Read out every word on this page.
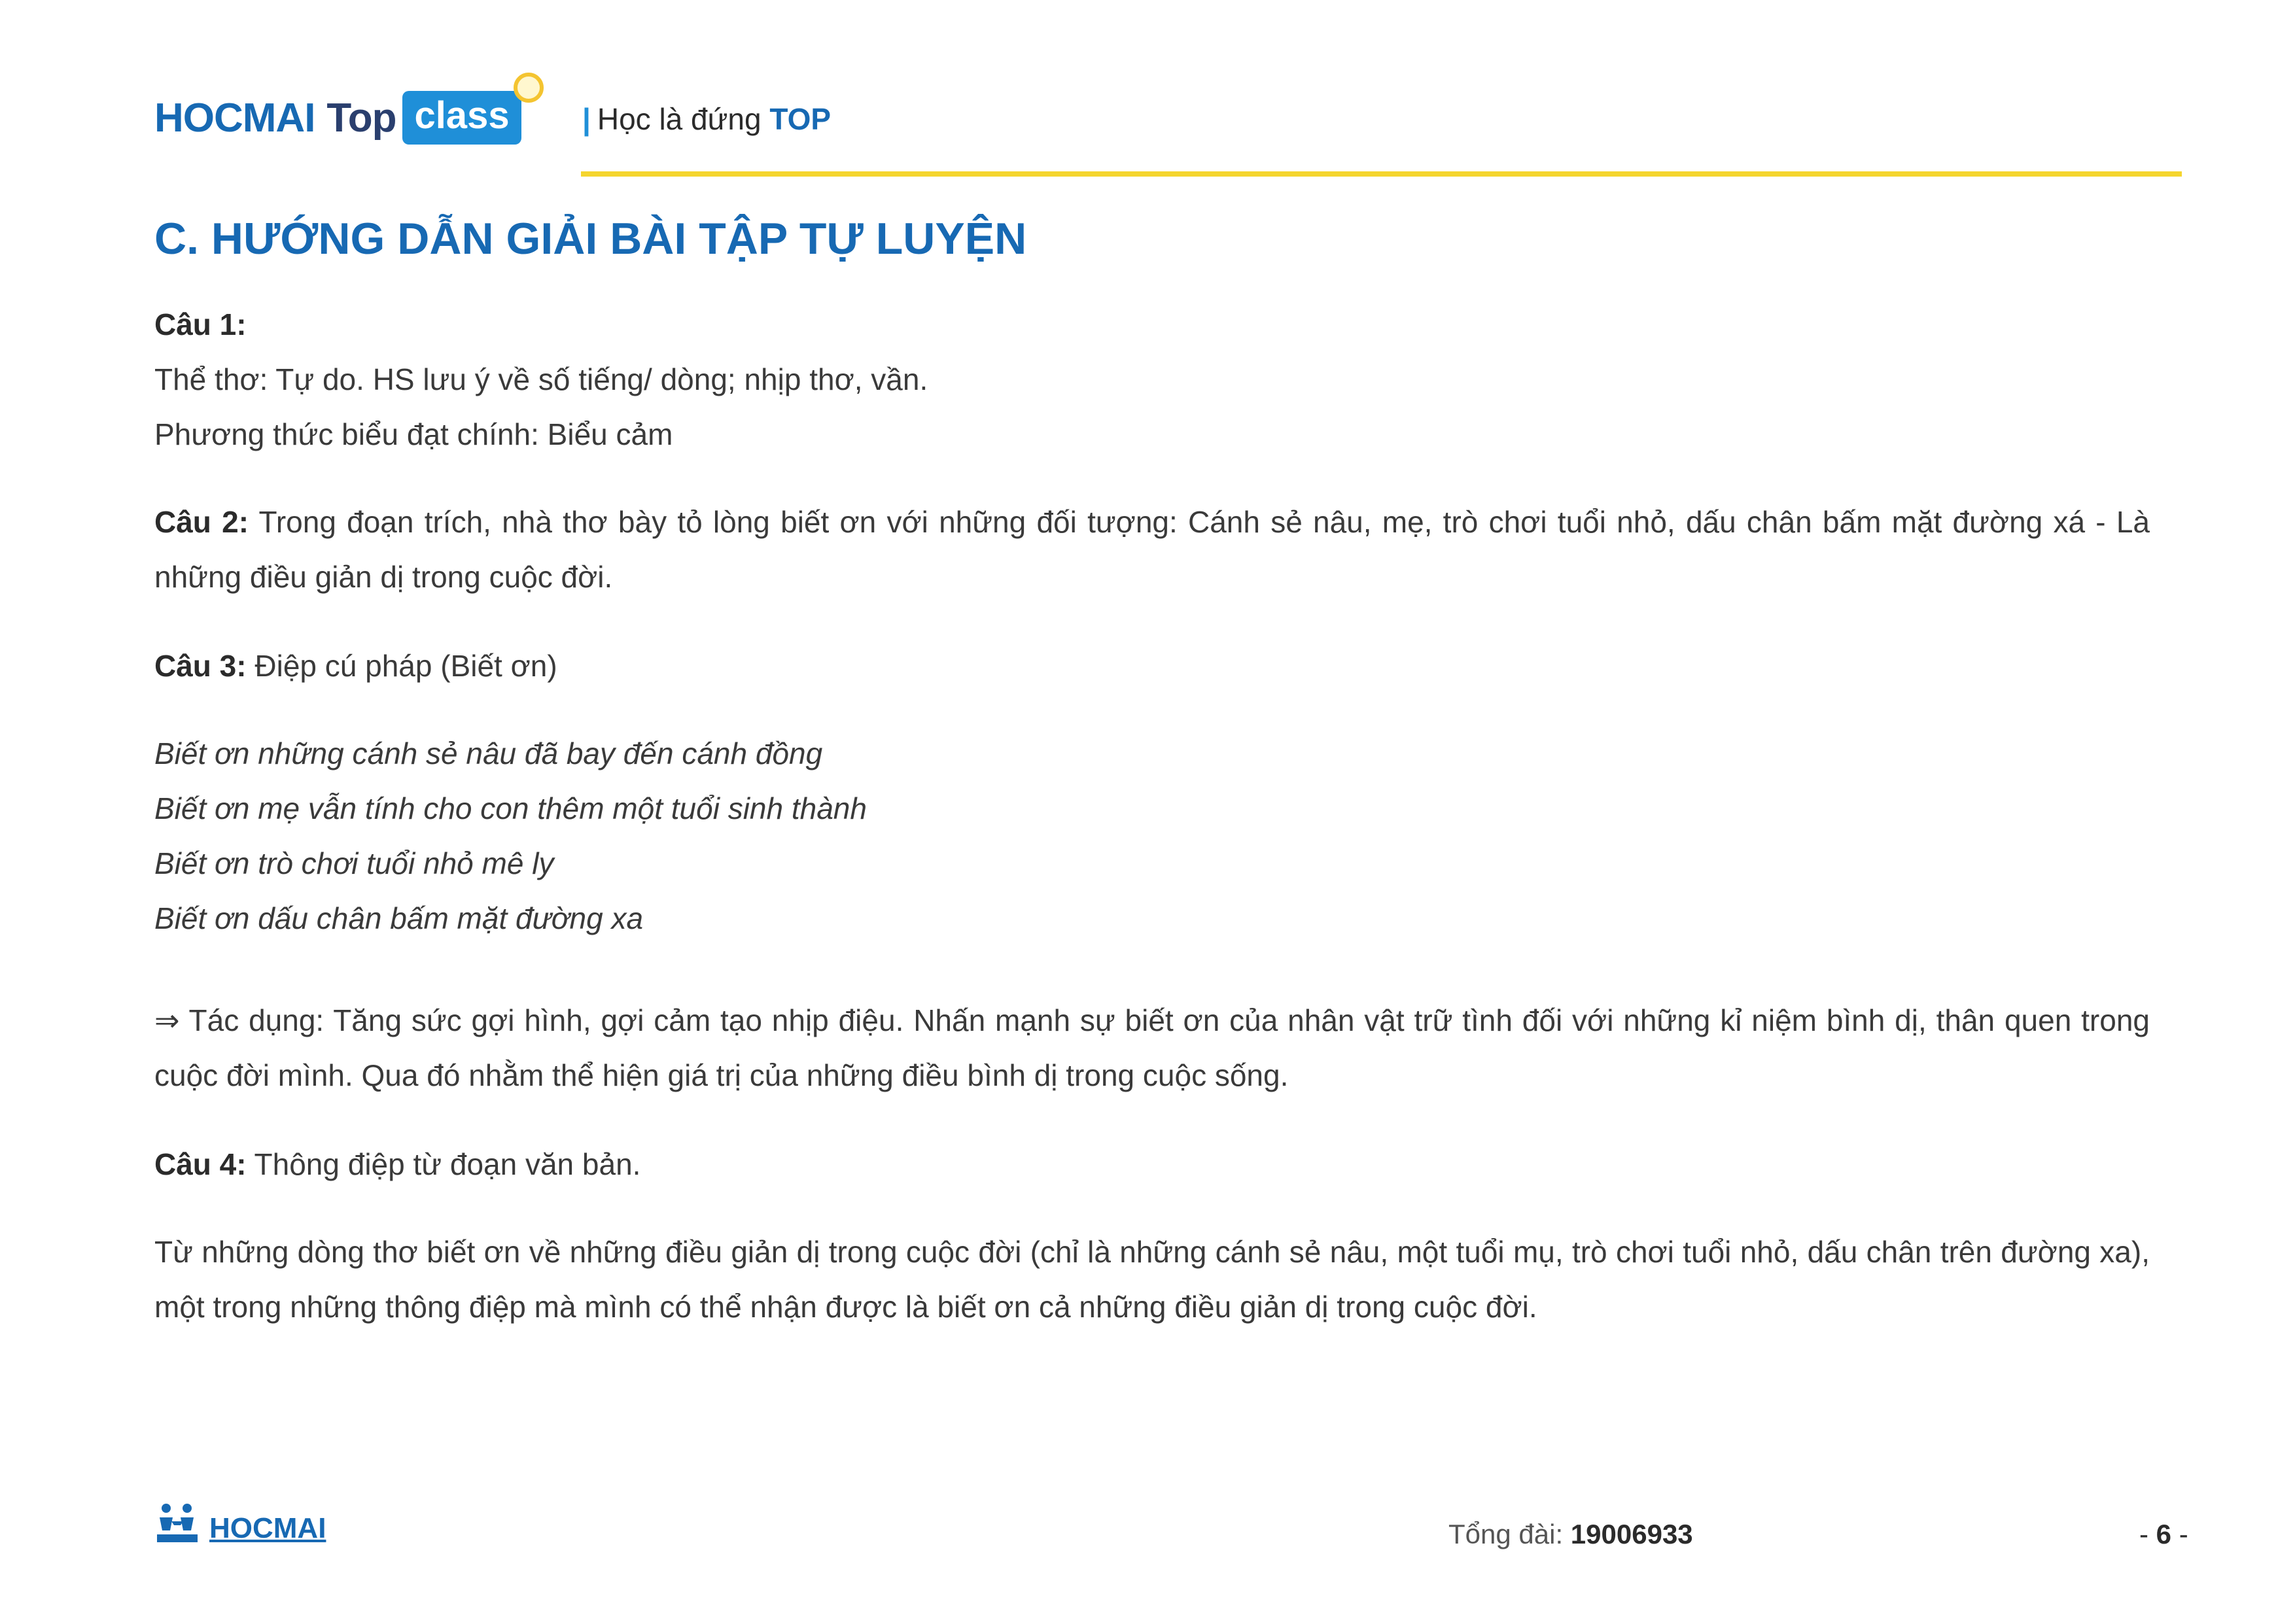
HOCMAI Top class	| Học là đứng TOP
C. HƯỚNG DẪN GIẢI BÀI TẬP TỰ LUYỆN
Câu 1:
Thể thơ: Tự do. HS lưu ý về số tiếng/ dòng; nhịp thơ, vần.
Phương thức biểu đạt chính: Biểu cảm
Câu 2: Trong đoạn trích, nhà thơ bày tỏ lòng biết ơn với những đối tượng: Cánh sẻ nâu, mẹ, trò chơi tuổi nhỏ, dấu chân bấm mặt đường xá - Là những điều giản dị trong cuộc đời.
Câu 3: Điệp cú pháp (Biết ơn)
Biết ơn những cánh sẻ nâu đã bay đến cánh đồng
Biết ơn mẹ vẫn tính cho con thêm một tuổi sinh thành
Biết ơn trò chơi tuổi nhỏ mê ly
Biết ơn dấu chân bấm mặt đường xa
⇒ Tác dụng: Tăng sức gợi hình, gợi cảm tạo nhịp điệu. Nhấn mạnh sự biết ơn của nhân vật trữ tình đối với những kỉ niệm bình dị, thân quen trong cuộc đời mình. Qua đó nhằm thể hiện giá trị của những điều bình dị trong cuộc sống.
Câu 4: Thông điệp từ đoạn văn bản.
Từ những dòng thơ biết ơn về những điều giản dị trong cuộc đời (chỉ là những cánh sẻ nâu, một tuổi mụ, trò chơi tuổi nhỏ, dấu chân trên đường xa), một trong những thông điệp mà mình có thể nhận được là biết ơn cả những điều giản dị trong cuộc đời.
HOCMAI	Tổng đài: 19006933	- 6 -
